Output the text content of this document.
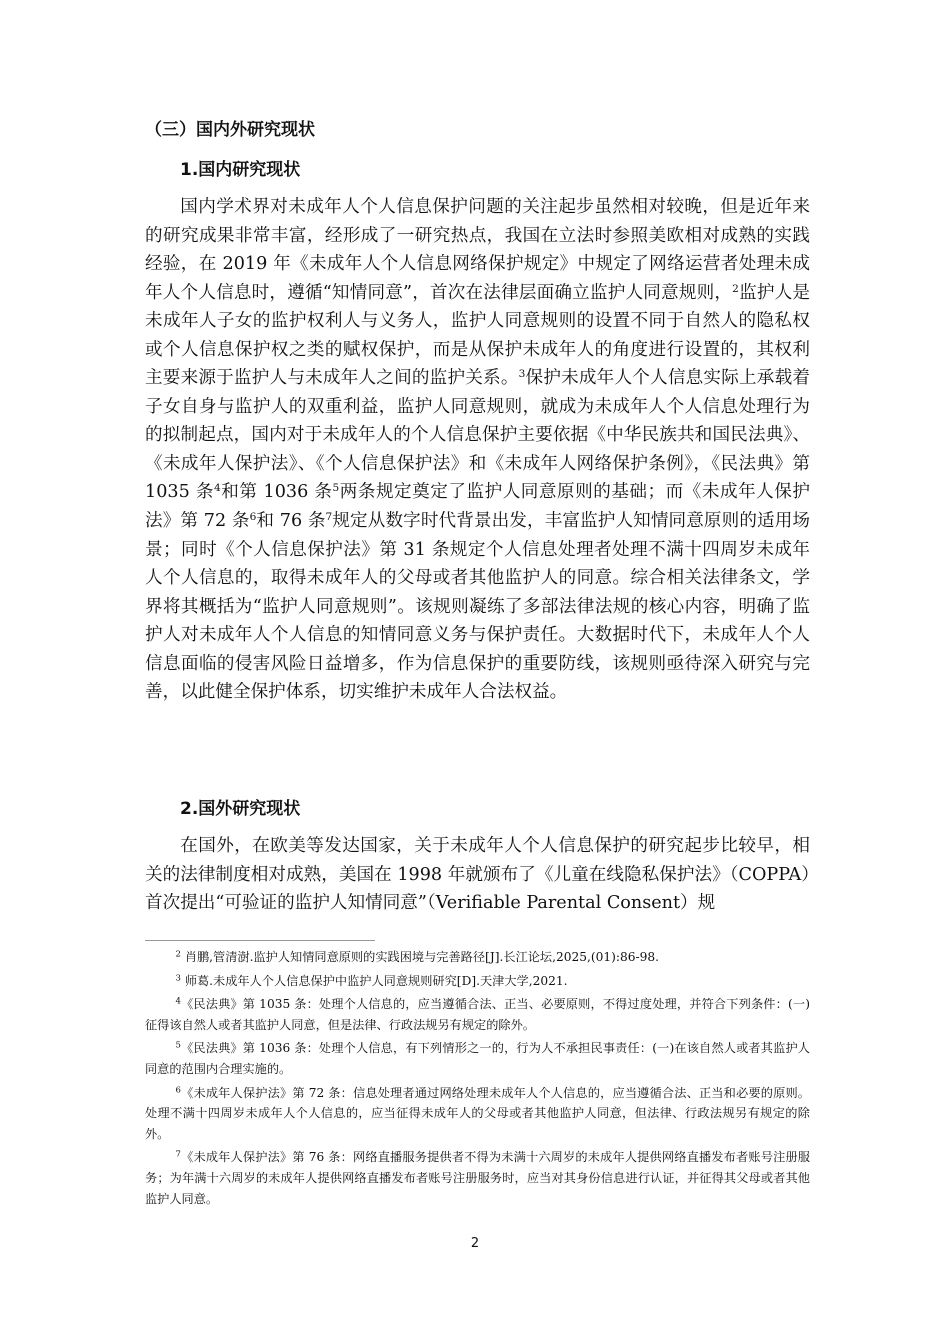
（三）国内外研究现状
1.国内研究现状

国内学术界对未成年人个人信息保护问题的关注起步虽然相对较晚，但是近年来的研究成果非常丰富，经形成了一研究热点，我国在立法时参照美欧相对成熟的实践经验，在 2019 年《未成年人个人信息网络保护规定》中规定了网络运营者处理未成年人个人信息时，遵循“知情同意”，首次在法律层面确立监护人同意规则，$^2$监护人是未成年人子女的监护权利人与义务人，监护人同意规则的设置不同于自然人的隐私权或个人信息保护权之类的赋权保护，而是从保护未成年人的角度进行设置的，其权利主要来源于监护人与未成年人之间的监护关系。$^3$保护未成年人个人信息实际上承载着子女自身与监护人的双重利益，监护人同意规则，就成为未成年人个人信息处理行为的拟制起点，国内对于未成年人的个人信息保护主要依据《中华民族共和国民法典》、《未成年人保护法》、《个人信息保护法》和《未成年人网络保护条例》，《民法典》第 1035 条$^4$和第 1036 条$^5$两条规定奠定了监护人同意原则的基础；而《未成年人保护法》第 72 条$^6$和 76 条$^7$规定从数字时代背景出发，丰富监护人知情同意原则的适用场景；同时《个人信息保护法》第 31 条规定个人信息处理者处理不满十四周岁未成年人个人信息的，取得未成年人的父母或者其他监护人的同意。综合相关法律条文，学界将其概括为“监护人同意规则”。该规则凝练了多部法律法规的核心内容，明确了监护人对未成年人个人信息的知情同意义务与保护责任。大数据时代下，未成年人个人信息面临的侵害风险日益增多，作为信息保护的重要防线，该规则亟待深入研究与完善，以此健全保护体系，切实维护未成年人合法权益。

2.国外研究现状

在国外，在欧美等发达国家，关于未成年人个人信息保护的研究起步比较早，相关的法律制度相对成熟，美国在 1998 年就颁布了《儿童在线隐私保护法》（COPPA）首次提出“可验证的监护人知情同意”（Verifiable Parental Consent）规

$^2$ 肖鹏,管清澍.监护人知情同意原则的实践困境与完善路径[J].长江论坛,2025,(01):86-98.

$^3$ 师葛.未成年人个人信息保护中监护人同意规则研究[D].天津大学,2021.

$^4$《民法典》第 1035 条：处理个人信息的，应当遵循合法、正当、必要原则，不得过度处理，并符合下列条件：(一)征得该自然人或者其监护人同意，但是法律、行政法规另有规定的除外。

$^5$《民法典》第 1036 条：处理个人信息，有下列情形之一的，行为人不承担民事责任：(一)在该自然人或者其监护人同意的范围内合理实施的。

$^6$《未成年人保护法》第 72 条：信息处理者通过网络处理未成年人个人信息的，应当遵循合法、正当和必要的原则。处理不满十四周岁未成年人个人信息的，应当征得未成年人的父母或者其他监护人同意，但法律、行政法规另有规定的除外。

$^7$《未成年人保护法》第 76 条：网络直播服务提供者不得为未满十六周岁的未成年人提供网络直播发布者账号注册服务；为年满十六周岁的未成年人提供网络直播发布者账号注册服务时，应当对其身份信息进行认证，并征得其父母或者其他监护人同意。

2
